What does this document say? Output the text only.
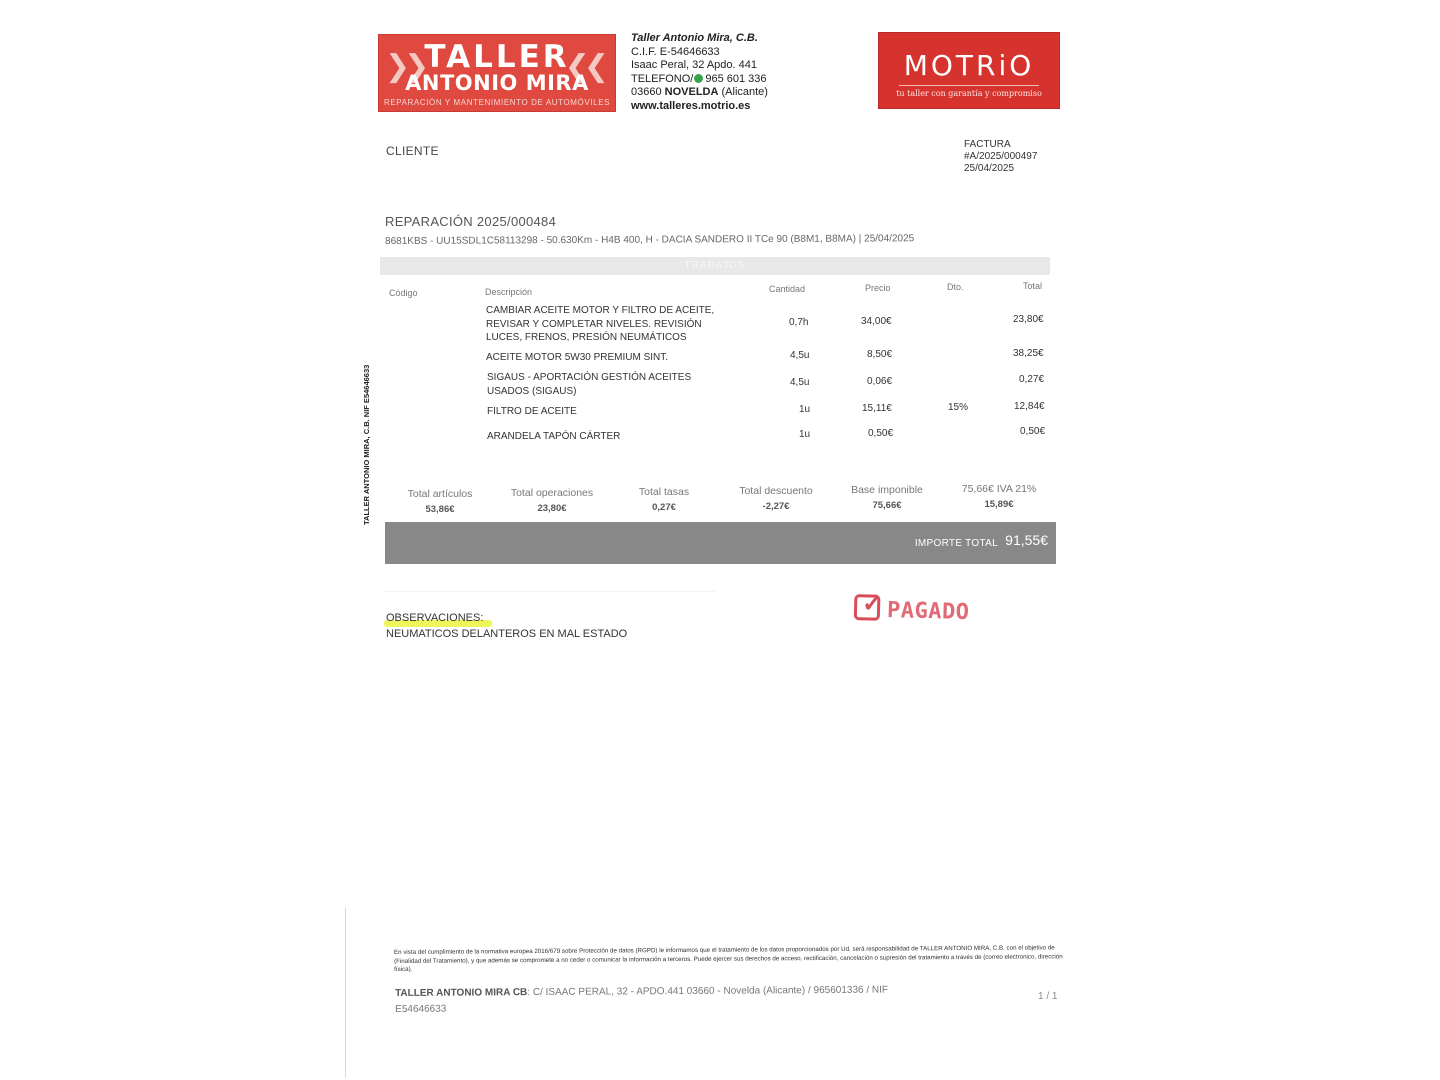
❯❯	❮❮
TALLER
ANTONIO MIRA
REPARACIÓN Y MANTENIMIENTO DE AUTOMÓVILES
Taller Antonio Mira, C.B.
C.I.F. E-54646633
Isaac Peral, 32 Apdo. 441
TELEFONO/ 965 601 336
03660 NOVELDA (Alicante)
www.talleres.motrio.es
MOTRiO
tu taller con garantía y compromiso
CLIENTE	FACTURA
#A/2025/000497
25/04/2025
REPARACIÓN 2025/000484
8681KBS - UU15SDL1C58113298 - 50.630Km - H4B 400, H - DACIA SANDERO II TCe 90 (B8M1, B8MA) | 25/04/2025
TRABAJOS
Código	Descripción	Cantidad	Precio	Dto.	Total
CAMBIAR ACEITE MOTOR Y FILTRO DE ACEITE, REVISAR Y COMPLETAR NIVELES. REVISIÓN LUCES, FRENOS, PRESIÓN NEUMÁTICOS
0,7h	34,00€	23,80€
ACEITE MOTOR 5W30 PREMIUM SINT.	4,5u	8,50€	38,25€
SIGAUS - APORTACIÓN GESTIÓN ACEITES USADOS (SIGAUS)
4,5u	0,06€	0,27€
FILTRO DE ACEITE	1u	15,11€	15%	12,84€
ARANDELA TAPÓN CÁRTER	1u	0,50€	0,50€
Total artículos
53,86€
Total operaciones
23,80€
Total tasas
0,27€
Total descuento
-2,27€
Base imponible
75,66€
75,66€ IVA 21%
15,89€
IMPORTE TOTAL 91,55€
OBSERVACIONES:
NEUMATICOS DELANTEROS EN MAL ESTADO
✓ PAGADO
TALLER ANTONIO MIRA, C.B. NIF E54646633
En vista del cumplimiento de la normativa europea 2016/679 sobre Protección de datos (RGPD) le informamos que el tratamiento de los datos proporcionados por Ud. será responsabilidad de TALLER ANTONIO MIRA, C.B. con el objetivo de (Finalidad del Tratamiento), y que además se compromete a no ceder o comunicar la información a terceros. Puede ejercer sus derechos de acceso, rectificación, cancelación o supresión del tratamiento a través de (correo electronico, dirección física).
TALLER ANTONIO MIRA CB: C/ ISAAC PERAL, 32 - APDO.441 03660 - Novelda (Alicante) / 965601336 / NIF E54646633
1 / 1
